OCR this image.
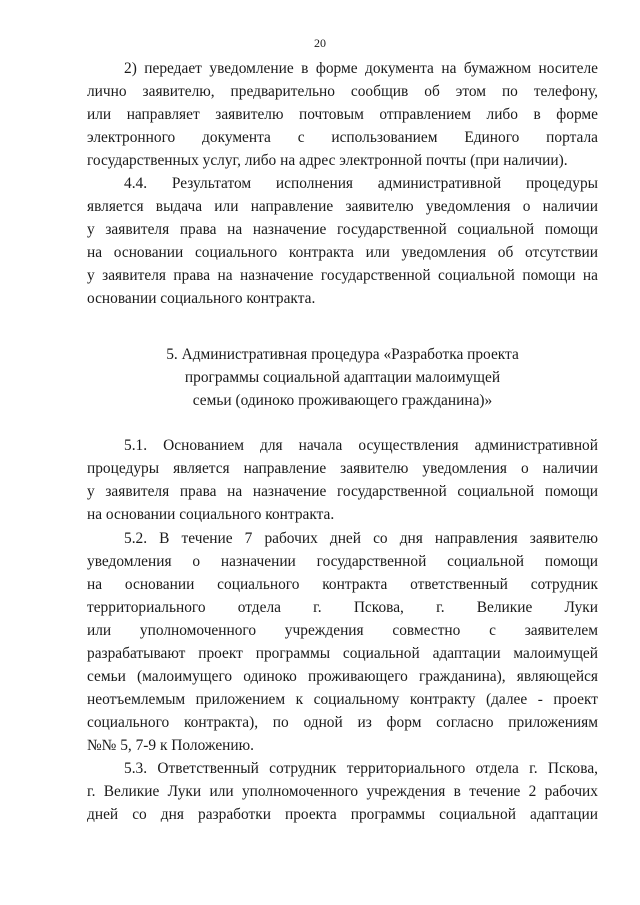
20
2) передает уведомление в форме документа на бумажном носителе
лично заявителю, предварительно сообщив об этом по телефону,
или направляет заявителю почтовым отправлением либо в форме
электронного документа с использованием Единого портала
государственных услуг, либо на адрес электронной почты (при наличии).
4.4. Результатом исполнения административной процедуры
является выдача или направление заявителю уведомления о наличии
у заявителя права на назначение государственной социальной помощи
на основании социального контракта или уведомления об отсутствии
у заявителя права на назначение государственной социальной помощи на
основании социального контракта.
5. Административная процедура «Разработка проекта
программы социальной адаптации малоимущей
семьи (одиноко проживающего гражданина)»
5.1. Основанием для начала осуществления административной
процедуры является направление заявителю уведомления о наличии
у заявителя права на назначение государственной социальной помощи
на основании социального контракта.
5.2. В течение 7 рабочих дней со дня направления заявителю
уведомления о назначении государственной социальной помощи
на основании социального контракта ответственный сотрудник
территориального отдела г. Пскова, г. Великие Луки
или уполномоченного учреждения совместно с заявителем
разрабатывают проект программы социальной адаптации малоимущей
семьи (малоимущего одиноко проживающего гражданина), являющейся
неотъемлемым приложением к социальному контракту (далее - проект
социального контракта), по одной из форм согласно приложениям
№№ 5, 7-9 к Положению.
5.3. Ответственный сотрудник территориального отдела г. Пскова,
г. Великие Луки или уполномоченного учреждения в течение 2 рабочих
дней со дня разработки проекта программы социальной адаптации
